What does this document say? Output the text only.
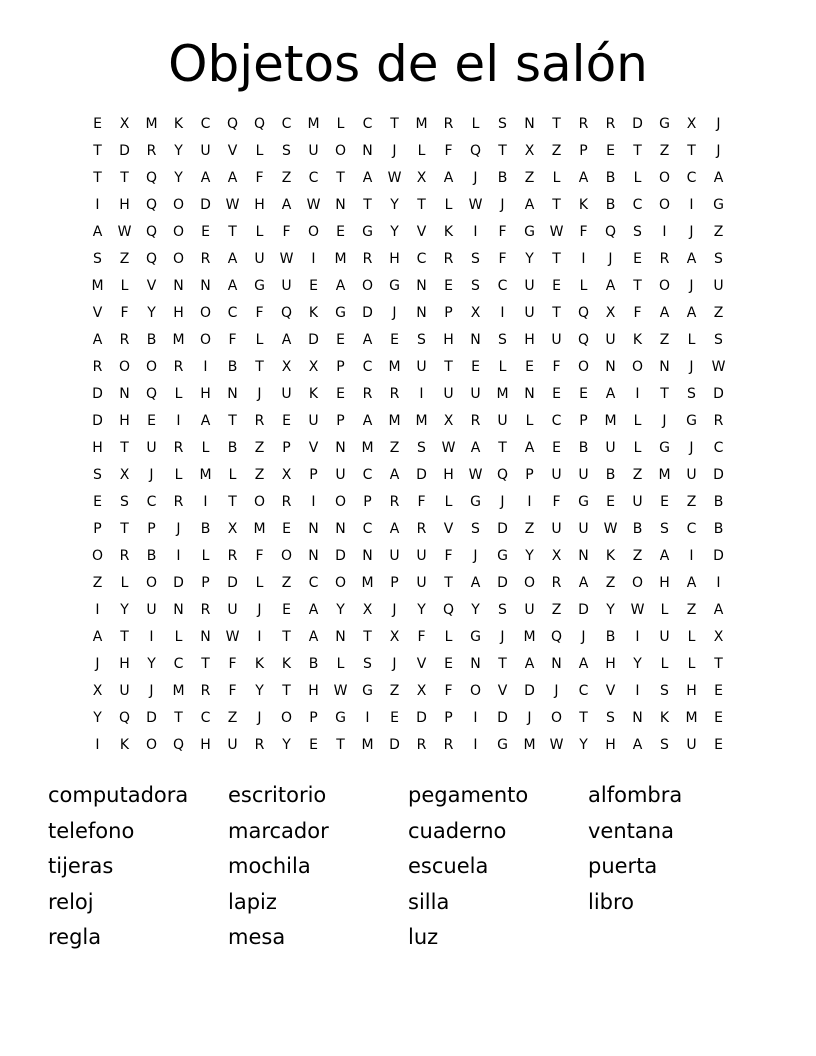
Objetos de el salón
E	X	M	K	C	Q	Q	C	M	L	C	T	M	R	L	S	N	T	R	R	D	G	X	J
T	D	R	Y	U	V	L	S	U	O	N	J	L	F	Q	T	X	Z	P	E	T	Z	T	J
T	T	Q	Y	A	A	F	Z	C	T	A	W	X	A	J	B	Z	L	A	B	L	O	C	A
I	H	Q	O	D	W	H	A	W	N	T	Y	T	L	W	J	A	T	K	B	C	O	I	G
A	W	Q	O	E	T	L	F	O	E	G	Y	V	K	I	F	G	W	F	Q	S	I	J	Z
S	Z	Q	O	R	A	U	W	I	M	R	H	C	R	S	F	Y	T	I	J	E	R	A	S
M	L	V	N	N	A	G	U	E	A	O	G	N	E	S	C	U	E	L	A	T	O	J	U
V	F	Y	H	O	C	F	Q	K	G	D	J	N	P	X	I	U	T	Q	X	F	A	A	Z
A	R	B	M	O	F	L	A	D	E	A	E	S	H	N	S	H	U	Q	U	K	Z	L	S
R	O	O	R	I	B	T	X	X	P	C	M	U	T	E	L	E	F	O	N	O	N	J	W
D	N	Q	L	H	N	J	U	K	E	R	R	I	U	U	M	N	E	E	A	I	T	S	D
D	H	E	I	A	T	R	E	U	P	A	M	M	X	R	U	L	C	P	M	L	J	G	R
H	T	U	R	L	B	Z	P	V	N	M	Z	S	W	A	T	A	E	B	U	L	G	J	C
S	X	J	L	M	L	Z	X	P	U	C	A	D	H	W	Q	P	U	U	B	Z	M	U	D
E	S	C	R	I	T	O	R	I	O	P	R	F	L	G	J	I	F	G	E	U	E	Z	B
P	T	P	J	B	X	M	E	N	N	C	A	R	V	S	D	Z	U	U	W	B	S	C	B
O	R	B	I	L	R	F	O	N	D	N	U	U	F	J	G	Y	X	N	K	Z	A	I	D
Z	L	O	D	P	D	L	Z	C	O	M	P	U	T	A	D	O	R	A	Z	O	H	A	I
I	Y	U	N	R	U	J	E	A	Y	X	J	Y	Q	Y	S	U	Z	D	Y	W	L	Z	A
A	T	I	L	N	W	I	T	A	N	T	X	F	L	G	J	M	Q	J	B	I	U	L	X
J	H	Y	C	T	F	K	K	B	L	S	J	V	E	N	T	A	N	A	H	Y	L	L	T
X	U	J	M	R	F	Y	T	H	W	G	Z	X	F	O	V	D	J	C	V	I	S	H	E
Y	Q	D	T	C	Z	J	O	P	G	I	E	D	P	I	D	J	O	T	S	N	K	M	E
I	K	O	Q	H	U	R	Y	E	T	M	D	R	R	I	G	M	W	Y	H	A	S	U	E
computadora
telefono
tijeras
reloj
regla
escritorio
marcador
mochila
lapiz
mesa
pegamento
cuaderno
escuela
silla
luz
alfombra
ventana
puerta
libro
